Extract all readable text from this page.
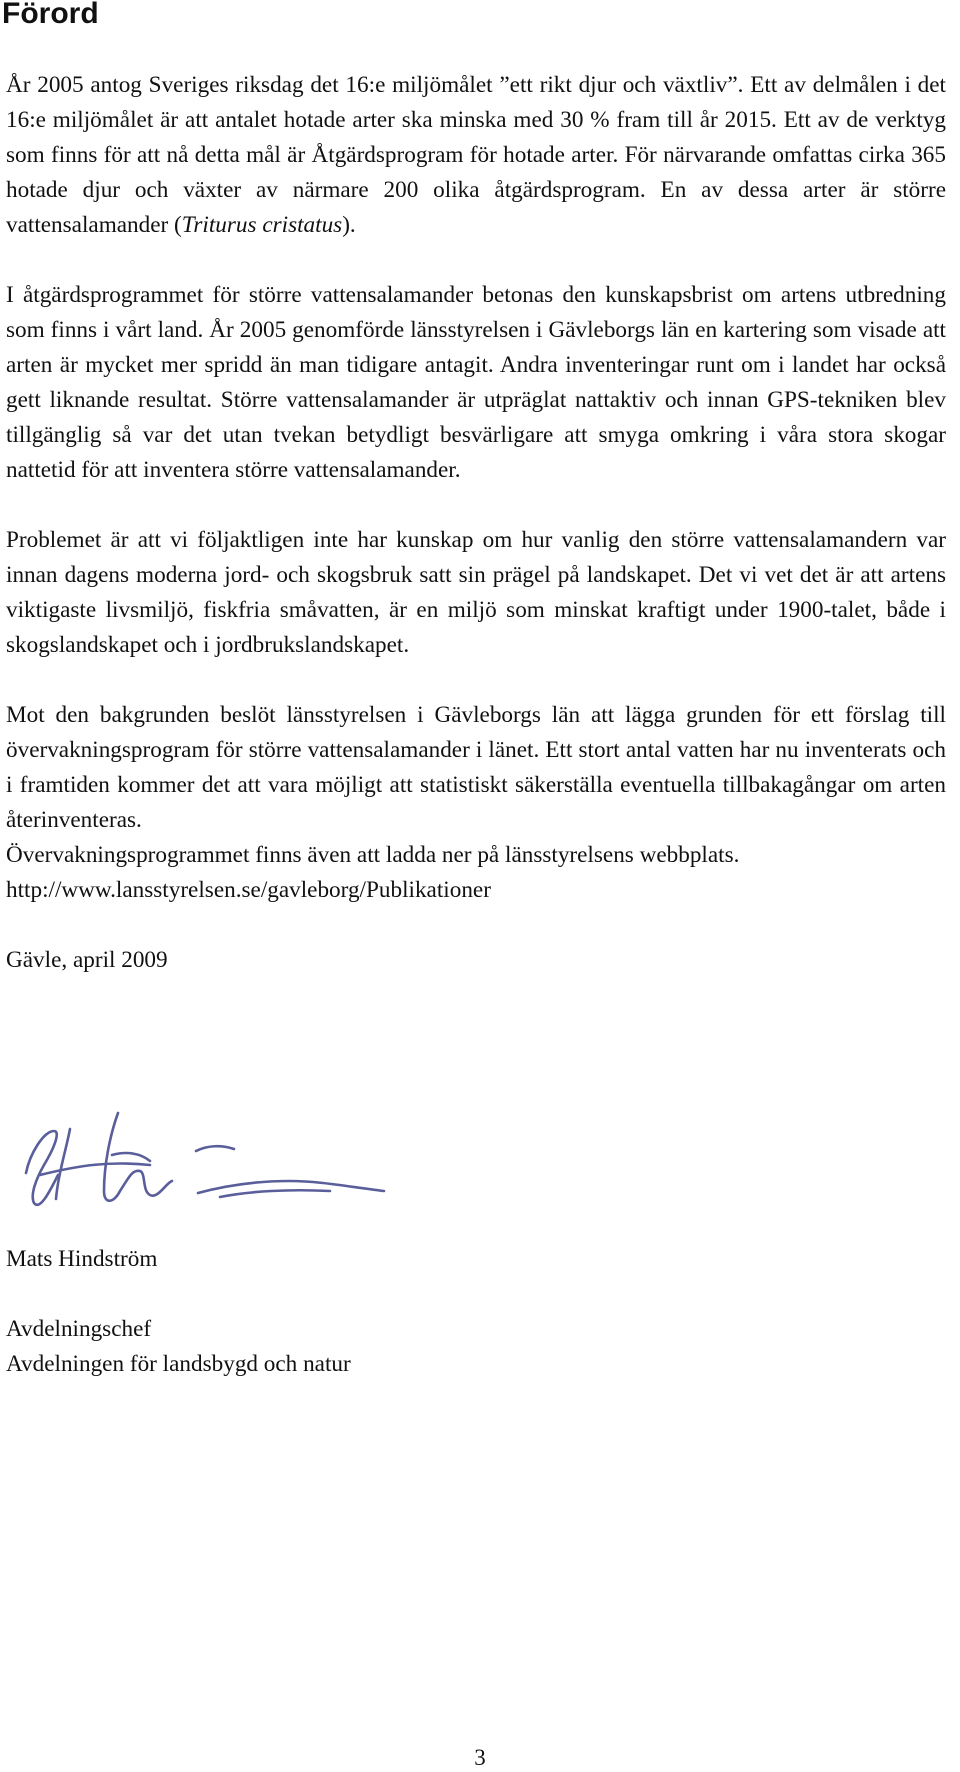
Förord

År 2005 antog Sveriges riksdag det 16:e miljömålet ”ett rikt djur och växtliv”. Ett av delmålen i det 16:e miljömålet är att antalet hotade arter ska minska med 30 % fram till år 2015. Ett av de verktyg som finns för att nå detta mål är Åtgärdsprogram för hotade arter. För närvarande omfattas cirka 365 hotade djur och växter av närmare 200 olika åtgärdsprogram. En av dessa arter är större vattensalamander (Triturus cristatus).

I åtgärdsprogrammet för större vattensalamander betonas den kunskapsbrist om artens utbredning som finns i vårt land. År 2005 genomförde länsstyrelsen i Gävleborgs län en kartering som visade att arten är mycket mer spridd än man tidigare antagit. Andra inventeringar runt om i landet har också gett liknande resultat. Större vattensalamander är utpräglat nattaktiv och innan GPS-tekniken blev tillgänglig så var det utan tvekan betydligt besvärligare att smyga omkring i våra stora skogar nattetid för att inventera större vattensalamander.

Problemet är att vi följaktligen inte har kunskap om hur vanlig den större vattensalamandern var innan dagens moderna jord- och skogsbruk satt sin prägel på landskapet. Det vi vet det är att artens viktigaste livsmiljö, fiskfria småvatten, är en miljö som minskat kraftigt under 1900-talet, både i skogslandskapet och i jordbrukslandskapet.

Mot den bakgrunden beslöt länsstyrelsen i Gävleborgs län att lägga grunden för ett förslag till övervakningsprogram för större vattensalamander i länet. Ett stort antal vatten har nu inventerats och i framtiden kommer det att vara möjligt att statistiskt säkerställa eventuella tillbakagångar om arten återinventeras.

Övervakningsprogrammet finns även att ladda ner på länsstyrelsens webbplats.

http://www.lansstyrelsen.se/gavleborg/Publikationer

Gävle, april 2009

Mats Hindström
Avdelningschef
Avdelningen för landsbygd och natur
3
